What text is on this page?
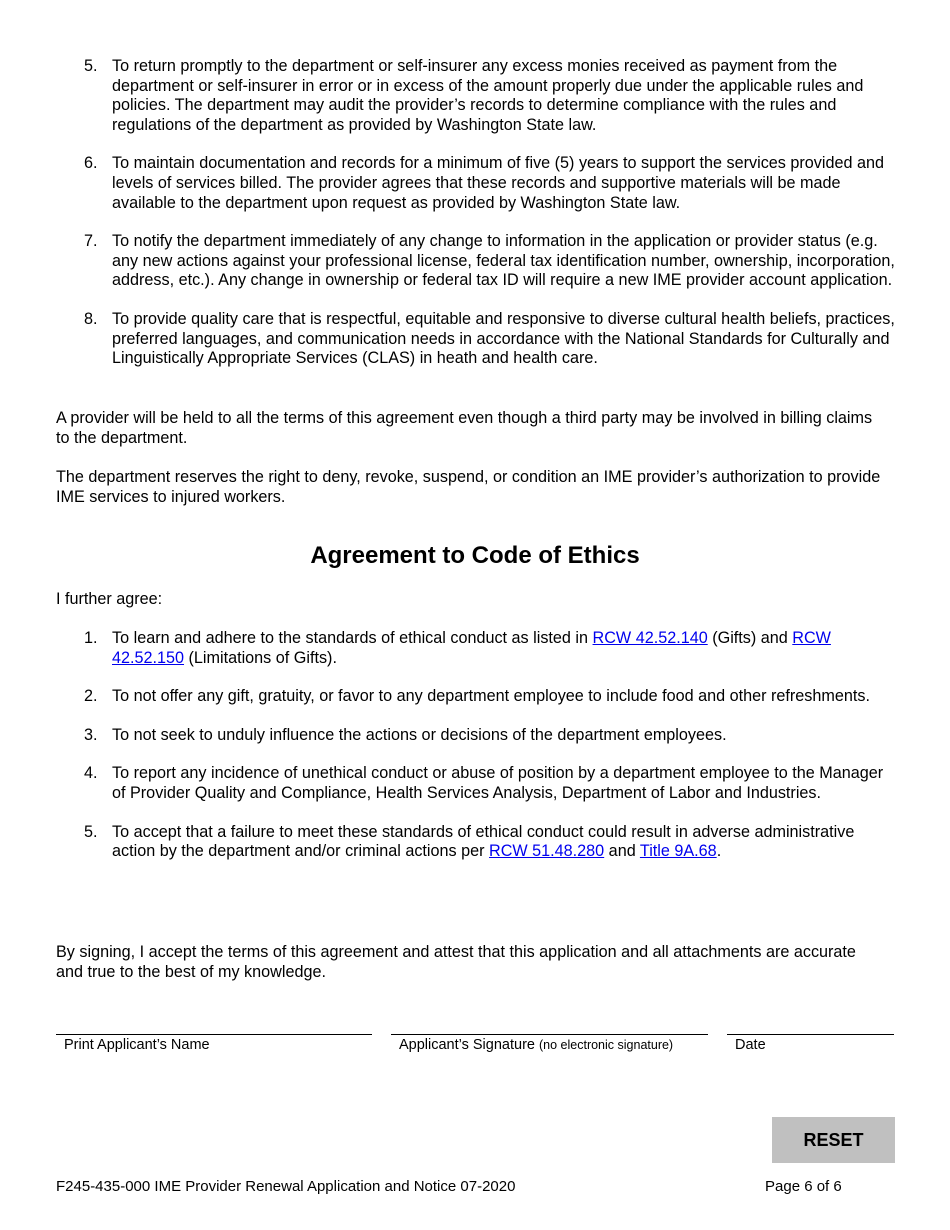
5. To return promptly to the department or self-insurer any excess monies received as payment from the department or self-insurer in error or in excess of the amount properly due under the applicable rules and policies. The department may audit the provider’s records to determine compliance with the rules and regulations of the department as provided by Washington State law.
6. To maintain documentation and records for a minimum of five (5) years to support the services provided and levels of services billed. The provider agrees that these records and supportive materials will be made available to the department upon request as provided by Washington State law.
7. To notify the department immediately of any change to information in the application or provider status (e.g. any new actions against your professional license, federal tax identification number, ownership, incorporation, address, etc.). Any change in ownership or federal tax ID will require a new IME provider account application.
8. To provide quality care that is respectful, equitable and responsive to diverse cultural health beliefs, practices, preferred languages, and communication needs in accordance with the National Standards for Culturally and Linguistically Appropriate Services (CLAS) in heath and health care.
A provider will be held to all the terms of this agreement even though a third party may be involved in billing claims to the department.
The department reserves the right to deny, revoke, suspend, or condition an IME provider’s authorization to provide IME services to injured workers.
Agreement to Code of Ethics
I further agree:
1. To learn and adhere to the standards of ethical conduct as listed in RCW 42.52.140 (Gifts) and RCW 42.52.150 (Limitations of Gifts).
2. To not offer any gift, gratuity, or favor to any department employee to include food and other refreshments.
3. To not seek to unduly influence the actions or decisions of the department employees.
4. To report any incidence of unethical conduct or abuse of position by a department employee to the Manager of Provider Quality and Compliance, Health Services Analysis, Department of Labor and Industries.
5. To accept that a failure to meet these standards of ethical conduct could result in adverse administrative action by the department and/or criminal actions per RCW 51.48.280 and Title 9A.68.
By signing, I accept the terms of this agreement and attest that this application and all attachments are accurate and true to the best of my knowledge.
Print Applicant’s Name	Applicant’s Signature (no electronic signature)	Date
RESET
F245-435-000 IME Provider Renewal Application and Notice 07-2020	Page 6 of 6
